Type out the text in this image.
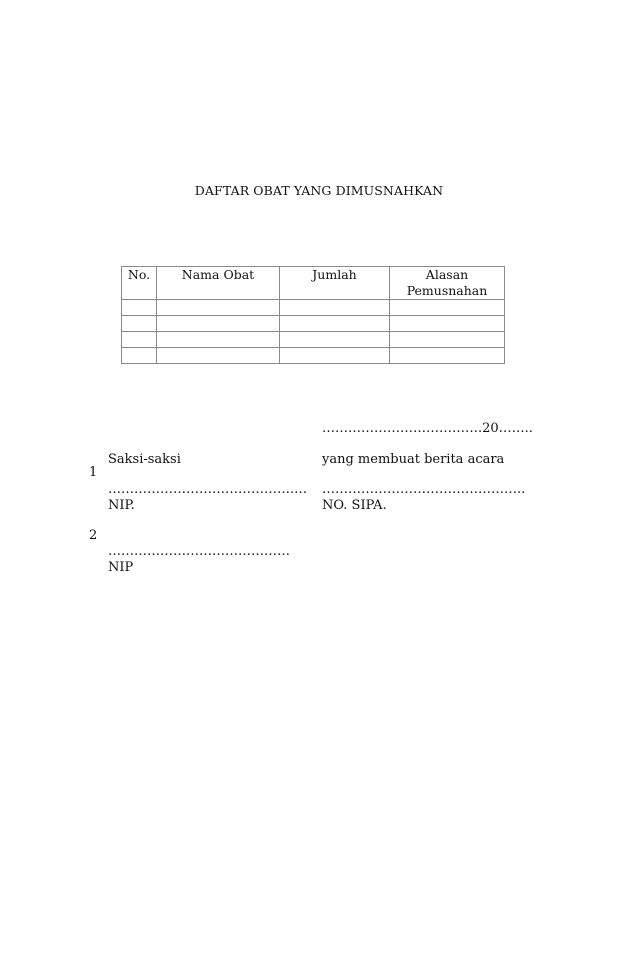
DAFTAR OBAT YANG DIMUSNAHKAN
No.	Nama Obat	Jumlah	Alasan
Pemusnahan

……………………………….20……..
Saksi-saksi	yang membuat berita acara
1
…………………………………….… ………………………………………..
NIP.	NO. SIPA.
2
……………………………………
NIP
